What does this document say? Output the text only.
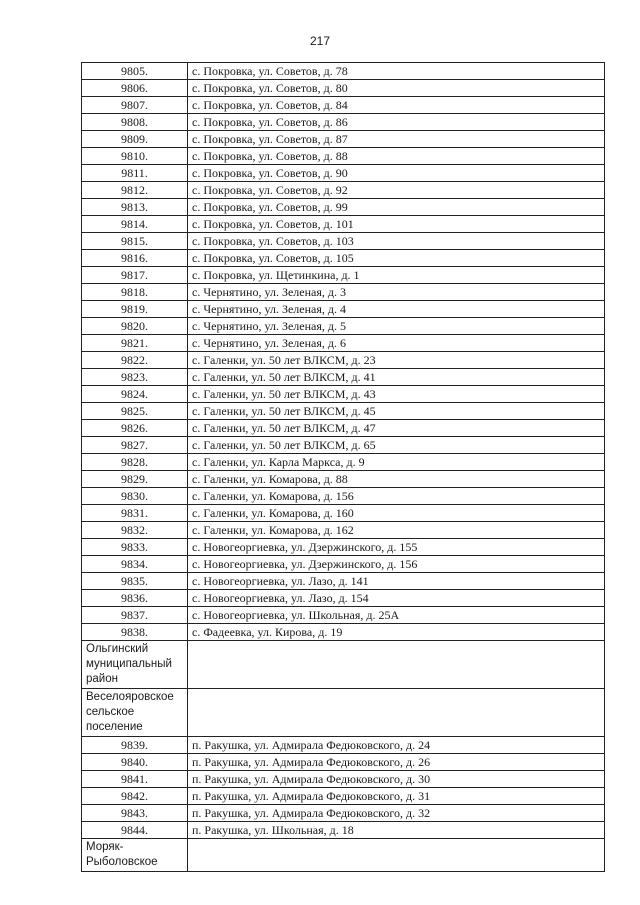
217
9805.	с. Покровка, ул. Советов, д. 78
9806.	с. Покровка, ул. Советов, д. 80
9807.	с. Покровка, ул. Советов, д. 84
9808.	с. Покровка, ул. Советов, д. 86
9809.	с. Покровка, ул. Советов, д. 87
9810.	с. Покровка, ул. Советов, д. 88
9811.	с. Покровка, ул. Советов, д. 90
9812.	с. Покровка, ул. Советов, д. 92
9813.	с. Покровка, ул. Советов, д. 99
9814.	с. Покровка, ул. Советов, д. 101
9815.	с. Покровка, ул. Советов, д. 103
9816.	с. Покровка, ул. Советов, д. 105
9817.	с. Покровка, ул. Щетинкина, д. 1
9818.	с. Чернятино, ул. Зеленая, д. 3
9819.	с. Чернятино, ул. Зеленая, д. 4
9820.	с. Чернятино, ул. Зеленая, д. 5
9821.	с. Чернятино, ул. Зеленая, д. 6
9822.	с. Галенки, ул. 50 лет ВЛКСМ, д. 23
9823.	с. Галенки, ул. 50 лет ВЛКСМ, д. 41
9824.	с. Галенки, ул. 50 лет ВЛКСМ, д. 43
9825.	с. Галенки, ул. 50 лет ВЛКСМ, д. 45
9826.	с. Галенки, ул. 50 лет ВЛКСМ, д. 47
9827.	с. Галенки, ул. 50 лет ВЛКСМ, д. 65
9828.	с. Галенки, ул. Карла Маркса, д. 9
9829.	с. Галенки, ул. Комарова, д. 88
9830.	с. Галенки, ул. Комарова, д. 156
9831.	с. Галенки, ул. Комарова, д. 160
9832.	с. Галенки, ул. Комарова, д. 162
9833.	с. Новогеоргиевка, ул. Дзержинского, д. 155
9834.	с. Новогеоргиевка, ул. Дзержинского, д. 156
9835.	с. Новогеоргиевка, ул. Лазо, д. 141
9836.	с. Новогеоргиевка, ул. Лазо, д. 154
9837.	с. Новогеоргиевка, ул. Школьная, д. 25А
9838.	с. Фадеевка, ул. Кирова, д. 19
Ольгинский муниципальный район	
Веселояровское сельское поселение	
9839.	п. Ракушка, ул. Адмирала Федюковского, д. 24
9840.	п. Ракушка, ул. Адмирала Федюковского, д. 26
9841.	п. Ракушка, ул. Адмирала Федюковского, д. 30
9842.	п. Ракушка, ул. Адмирала Федюковского, д. 31
9843.	п. Ракушка, ул. Адмирала Федюковского, д. 32
9844.	п. Ракушка, ул. Школьная, д. 18
Моряк-Рыболовское	
